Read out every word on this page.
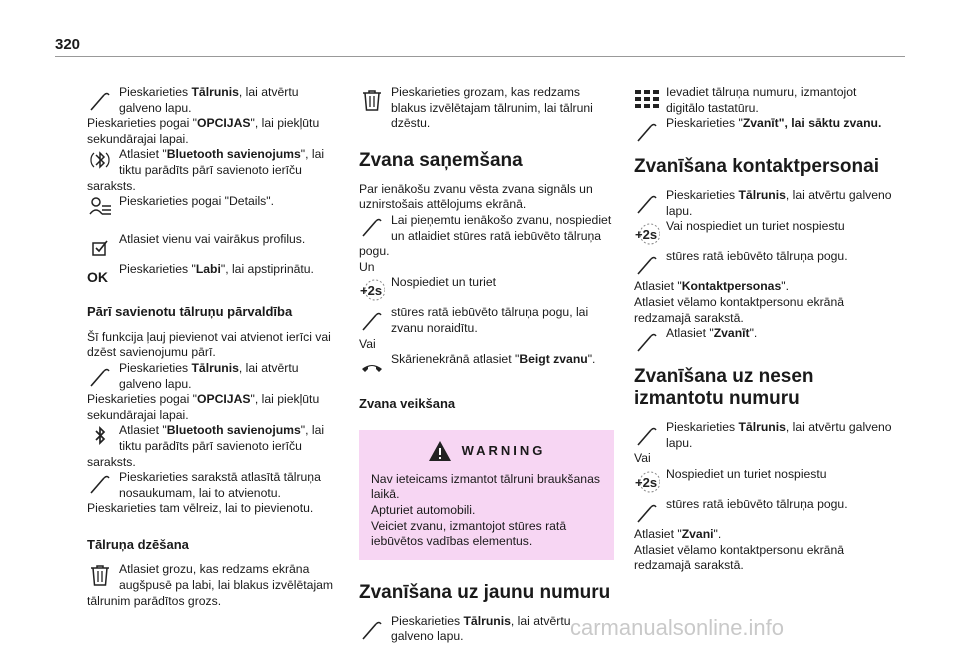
320
Pieskarieties Tālrunis, lai atvērtu galveno lapu.

Pieskarieties pogai "OPCIJAS", lai piekļūtu sekundārajai lapai.

Atlasiet "Bluetooth savienojums", lai tiktu parādīts pārī savienoto ierīču saraksts.
Pieskarieties pogai "Details".
Atlasiet vienu vai vairākus profilus.
OK Pieskarieties "Labi", lai apstiprinātu.
Pārī savienotu tālruņu pārvaldība

Šī funkcija ļauj pievienot vai atvienot ierīci vai dzēst savienojumu pārī.

Pieskarieties Tālrunis, lai atvērtu galveno lapu.

Pieskarieties pogai "OPCIJAS", lai piekļūtu sekundārajai lapai.

Atlasiet "Bluetooth savienojums", lai tiktu parādīts pārī savienoto ierīču saraksts.
Pieskarieties sarakstā atlasītā tālruņa nosaukumam, lai to atvienotu.

Pieskarieties tam vēlreiz, lai to pievienotu.

Tālruņa dzēšana
Atlasiet grozu, kas redzams ekrāna augšpusē pa labi, lai blakus izvēlētajam tālrunim parādītos grozs.
Pieskarieties grozam, kas redzams blakus izvēlētajam tālrunim, lai tālruni dzēstu.
Zvana saņemšana

Par ienākošu zvanu vēsta zvana signāls un uznirstošais attēlojums ekrānā.

Lai pieņemtu ienākošo zvanu, nospiediet un atlaidiet stūres ratā iebūvēto tālruņa pogu.

Un

+2s
Nospiediet un turiet
stūres ratā iebūvēto tālruņa pogu, lai zvanu noraidītu.

Vai

Skārienekrānā atlasiet "Beigt zvanu".
Zvana veikšana
WARNING

Nav ieteicams izmantot tālruni braukšanas laikā.
Apturiet automobili.
Veiciet zvanu, izmantojot stūres ratā iebūvētos vadības elementus.

Zvanīšana uz jaunu numuru
Pieskarieties Tālrunis, lai atvērtu galveno lapu.
Ievadiet tālruņa numuru, izmantojot digitālo tastatūru.
Pieskarieties "Zvanīt", lai sāktu zvanu.
Zvanīšana kontaktpersonai
Pieskarieties Tālrunis, lai atvērtu galveno lapu.
+2s
Vai nospiediet un turiet nospiestu
stūres ratā iebūvēto tālruņa pogu.

Atlasiet "Kontaktpersonas".

Atlasiet vēlamo kontaktpersonu ekrānā redzamajā sarakstā.

Atlasiet "Zvanīt".
Zvanīšana uz nesen izmantotu numuru
Pieskarieties Tālrunis, lai atvērtu galveno lapu.

Vai

+2s
Nospiediet un turiet nospiestu
stūres ratā iebūvēto tālruņa pogu.

Atlasiet "Zvani".

Atlasiet vēlamo kontaktpersonu ekrānā redzamajā sarakstā.

carmanualsonline.info
